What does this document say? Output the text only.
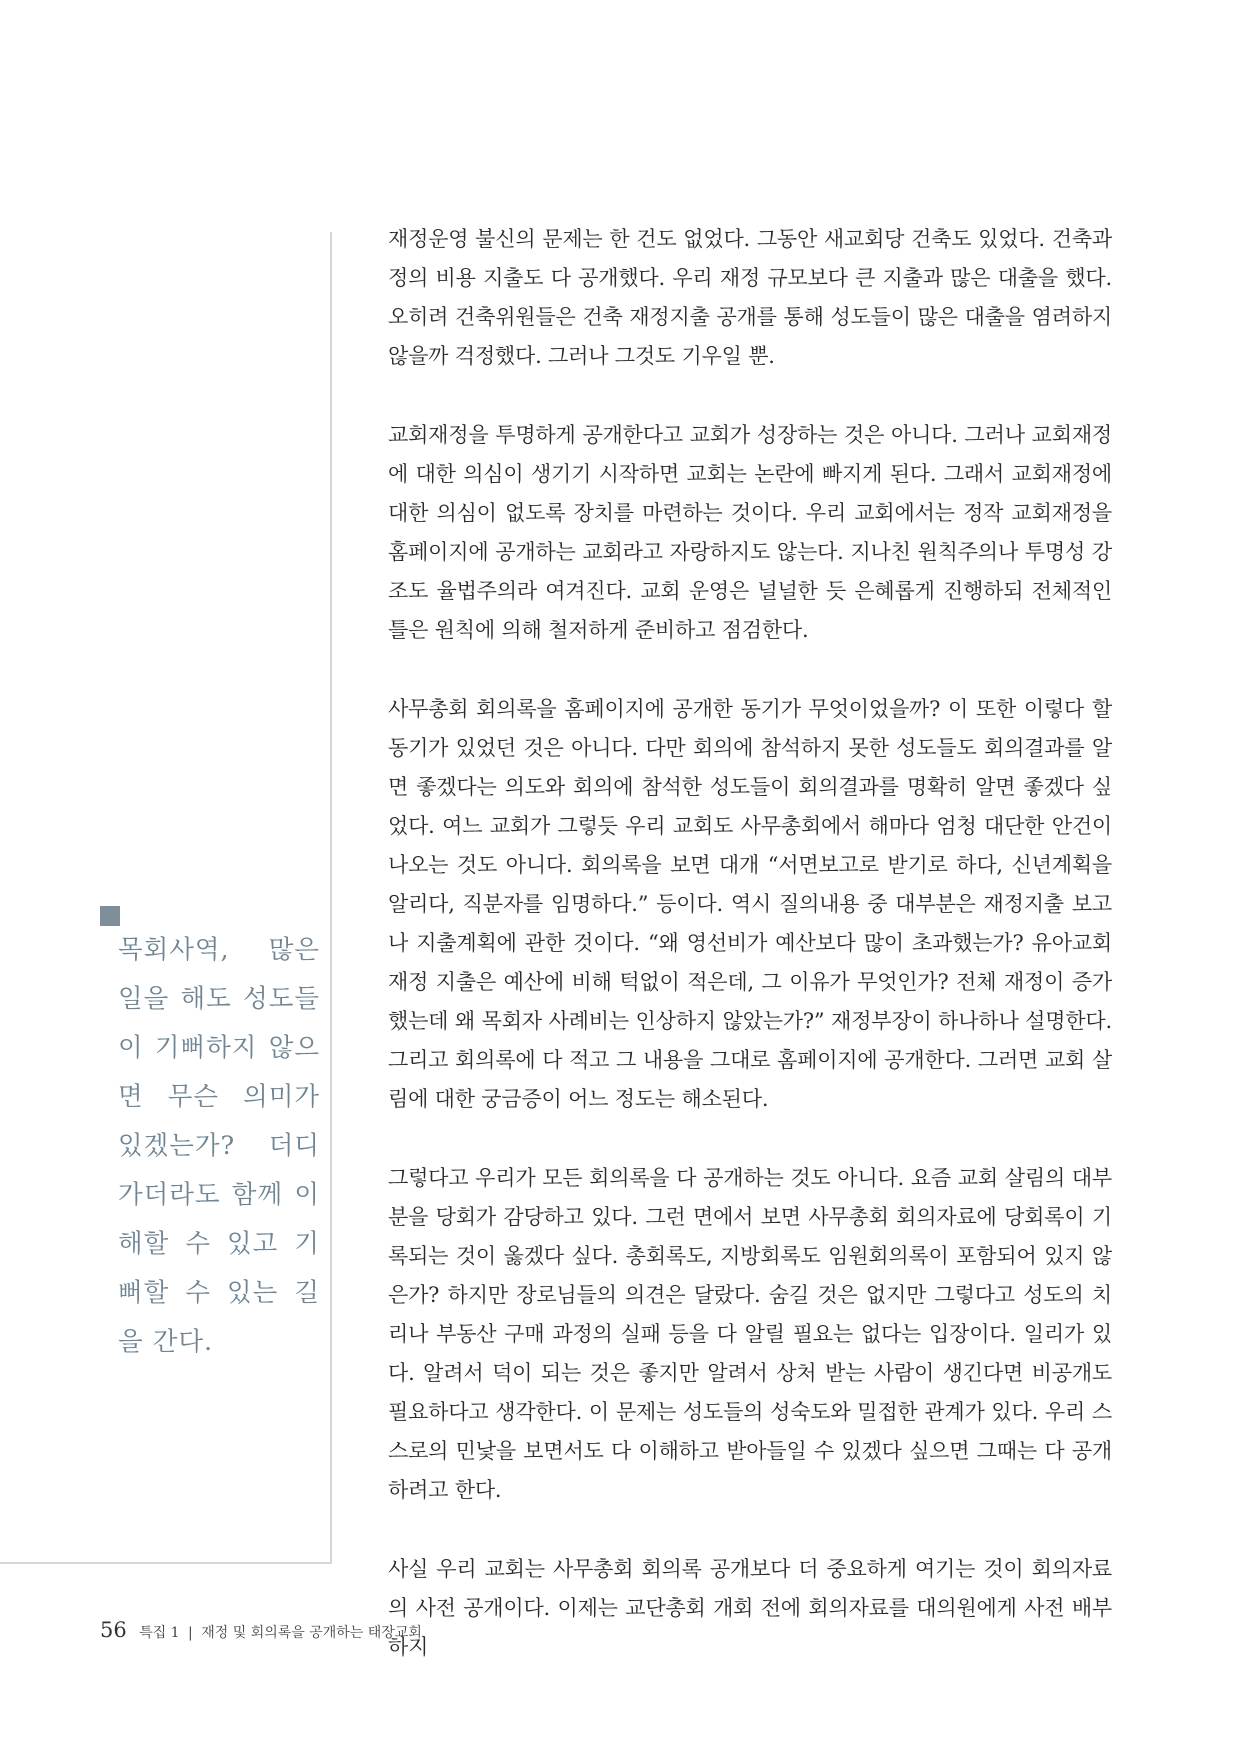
목회사역, 많은 일을 해도 성도들이 기뻐하지 않으면 무슨 의미가 있겠는가? 더디 가더라도 함께 이해할 수 있고 기뻐할 수 있는 길을 간다.

재정운영 불신의 문제는 한 건도 없었다. 그동안 새교회당 건축도 있었다. 건축과정의 비용 지출도 다 공개했다. 우리 재정 규모보다 큰 지출과 많은 대출을 했다. 오히려 건축위원들은 건축 재정지출 공개를 통해 성도들이 많은 대출을 염려하지 않을까 걱정했다. 그러나 그것도 기우일 뿐.

교회재정을 투명하게 공개한다고 교회가 성장하는 것은 아니다. 그러나 교회재정에 대한 의심이 생기기 시작하면 교회는 논란에 빠지게 된다. 그래서 교회재정에 대한 의심이 없도록 장치를 마련하는 것이다. 우리 교회에서는 정작 교회재정을 홈페이지에 공개하는 교회라고 자랑하지도 않는다. 지나친 원칙주의나 투명성 강조도 율법주의라 여겨진다. 교회 운영은 널널한 듯 은혜롭게 진행하되 전체적인 틀은 원칙에 의해 철저하게 준비하고 점검한다.

사무총회 회의록을 홈페이지에 공개한 동기가 무엇이었을까? 이 또한 이렇다 할 동기가 있었던 것은 아니다. 다만 회의에 참석하지 못한 성도들도 회의결과를 알면 좋겠다는 의도와 회의에 참석한 성도들이 회의결과를 명확히 알면 좋겠다 싶었다. 여느 교회가 그렇듯 우리 교회도 사무총회에서 해마다 엄청 대단한 안건이 나오는 것도 아니다. 회의록을 보면 대개 “서면보고로 받기로 하다, 신년계획을 알리다, 직분자를 임명하다.” 등이다. 역시 질의내용 중 대부분은 재정지출 보고나 지출계획에 관한 것이다. “왜 영선비가 예산보다 많이 초과했는가? 유아교회 재정 지출은 예산에 비해 턱없이 적은데, 그 이유가 무엇인가? 전체 재정이 증가했는데 왜 목회자 사례비는 인상하지 않았는가?” 재정부장이 하나하나 설명한다. 그리고 회의록에 다 적고 그 내용을 그대로 홈페이지에 공개한다. 그러면 교회 살림에 대한 궁금증이 어느 정도는 해소된다.

그렇다고 우리가 모든 회의록을 다 공개하는 것도 아니다. 요즘 교회 살림의 대부분을 당회가 감당하고 있다. 그런 면에서 보면 사무총회 회의자료에 당회록이 기록되는 것이 옳겠다 싶다. 총회록도, 지방회록도 임원회의록이 포함되어 있지 않은가? 하지만 장로님들의 의견은 달랐다. 숨길 것은 없지만 그렇다고 성도의 치리나 부동산 구매 과정의 실패 등을 다 알릴 필요는 없다는 입장이다. 일리가 있다. 알려서 덕이 되는 것은 좋지만 알려서 상처 받는 사람이 생긴다면 비공개도 필요하다고 생각한다. 이 문제는 성도들의 성숙도와 밀접한 관계가 있다. 우리 스스로의 민낯을 보면서도 다 이해하고 받아들일 수 있겠다 싶으면 그때는 다 공개하려고 한다.

사실 우리 교회는 사무총회 회의록 공개보다 더 중요하게 여기는 것이 회의자료의 사전 공개이다. 이제는 교단총회 개회 전에 회의자료를 대의원에게 사전 배부하지

56 특집 1 | 재정 및 회의록을 공개하는 태장교회
